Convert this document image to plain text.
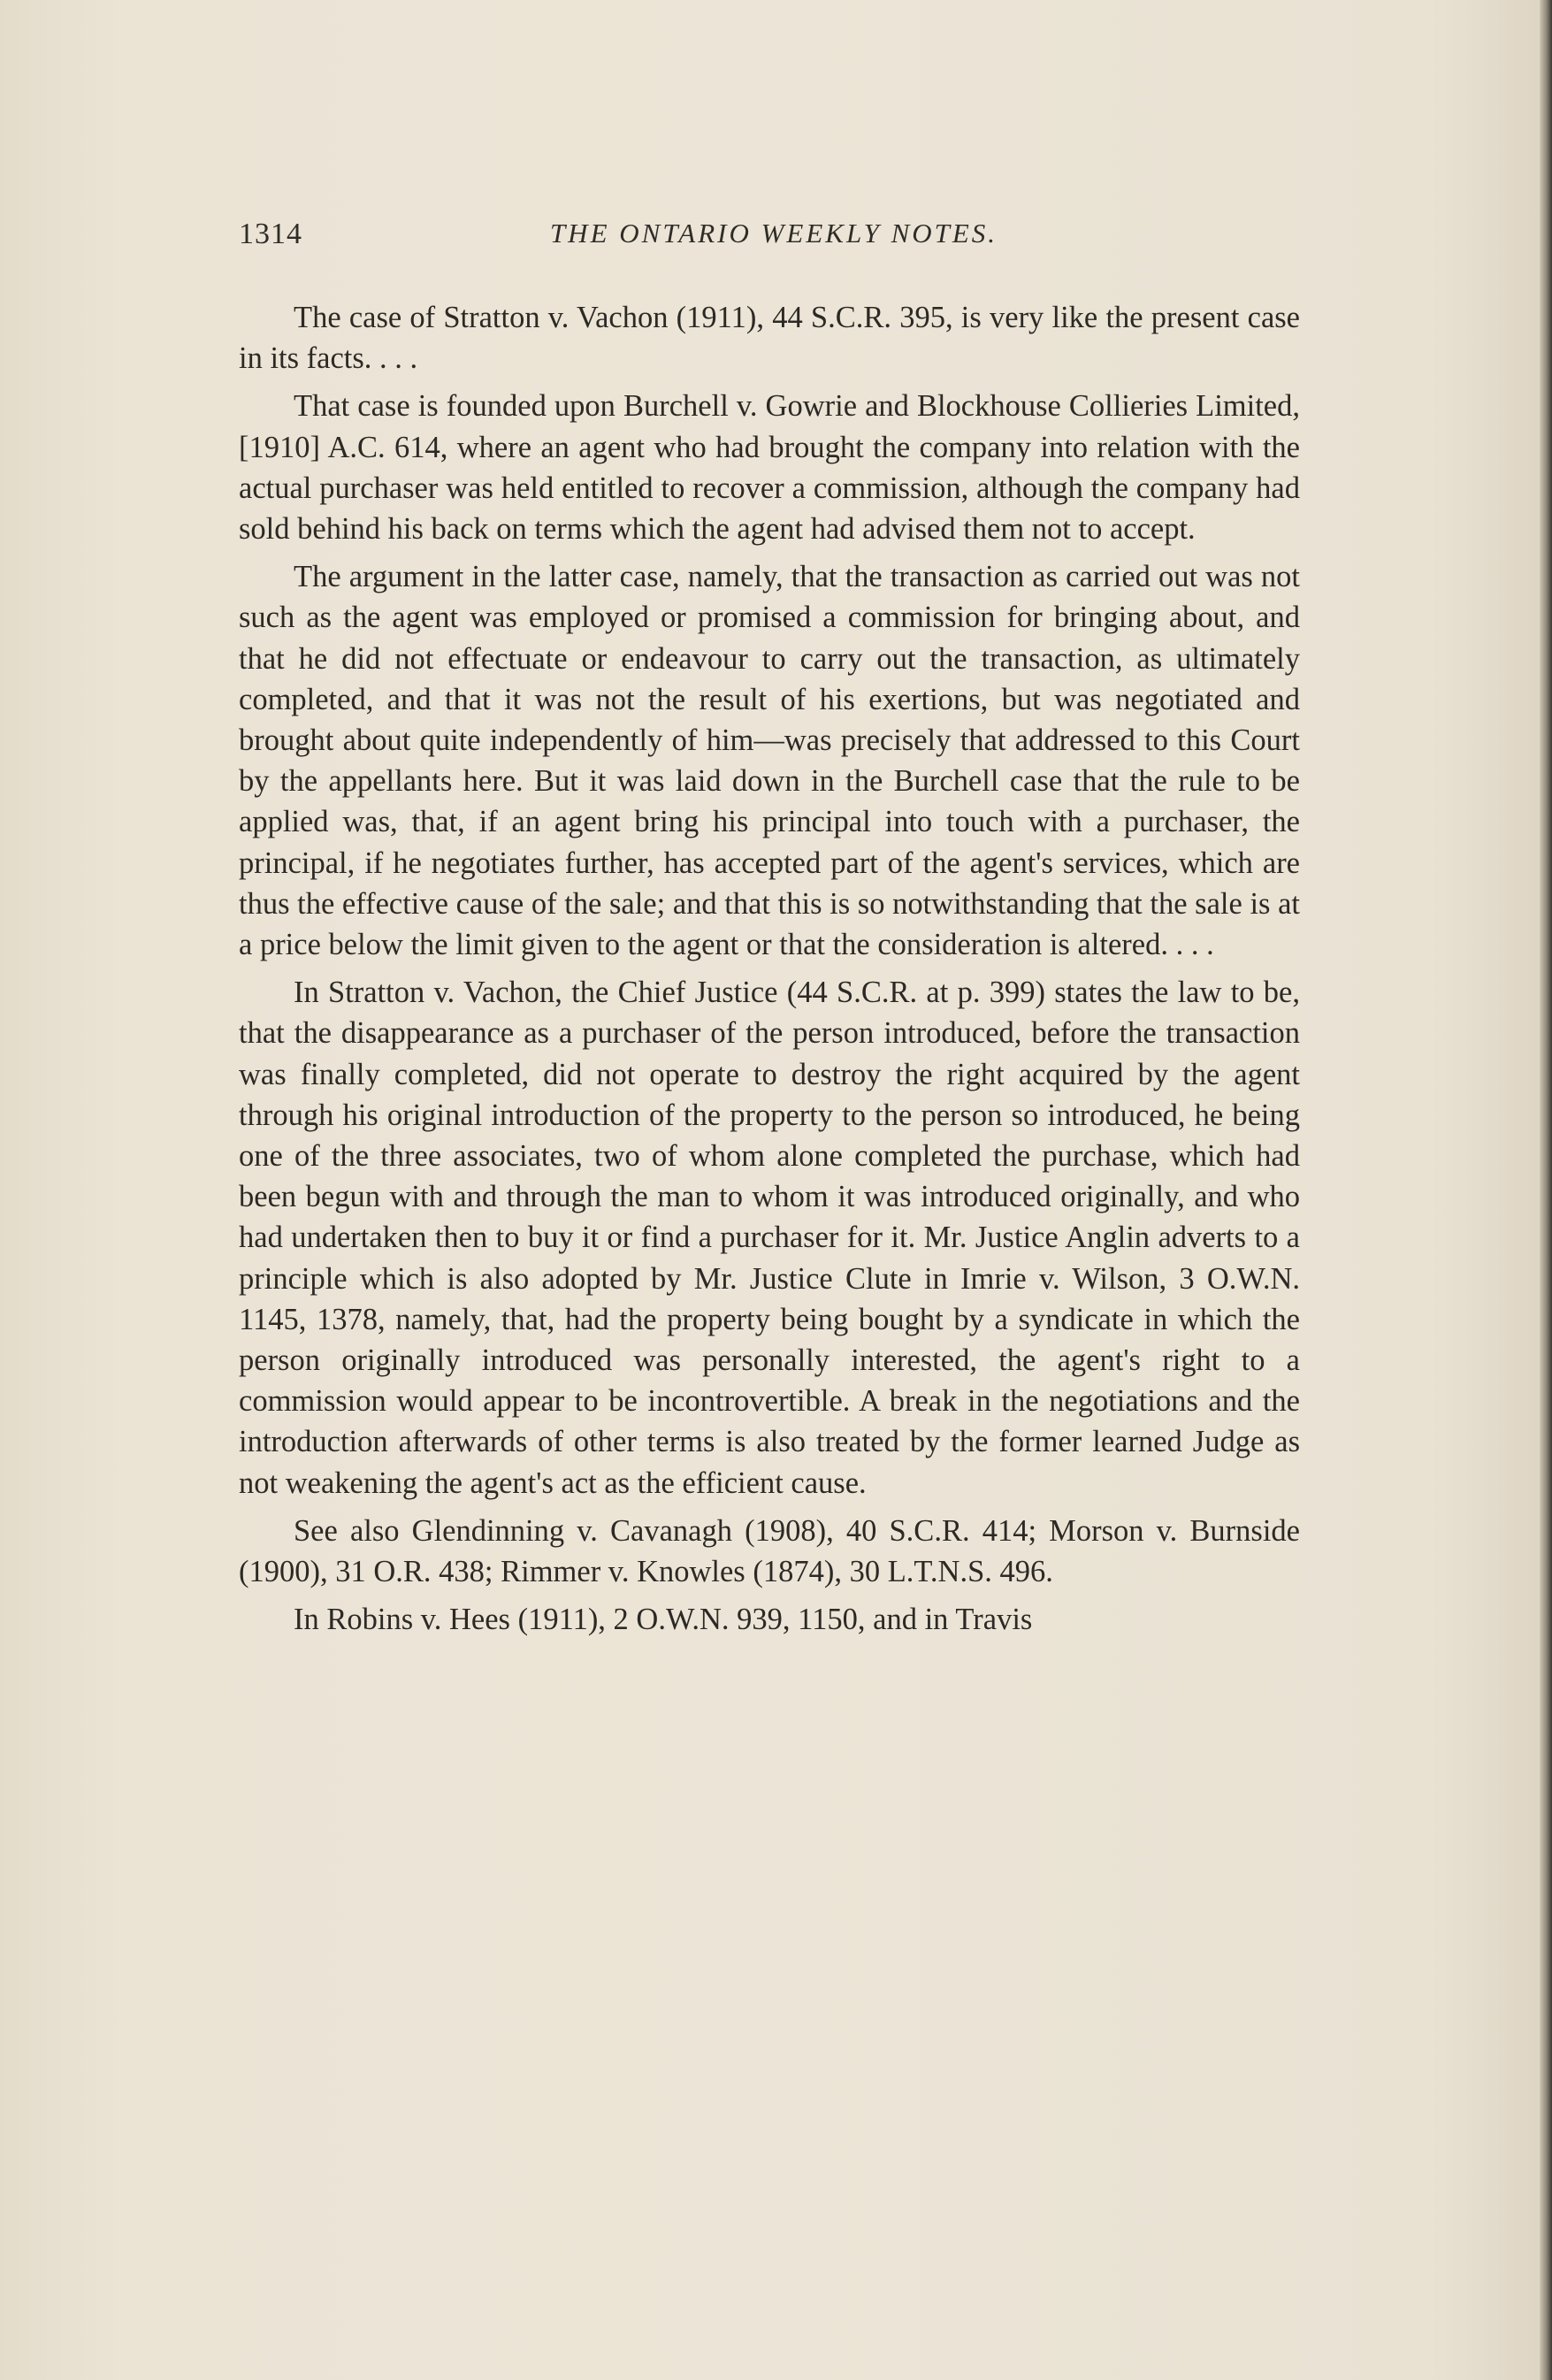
1314	THE ONTARIO WEEKLY NOTES.

The case of Stratton v. Vachon (1911), 44 S.C.R. 395, is very like the present case in its facts. . . .

That case is founded upon Burchell v. Gowrie and Blockhouse Collieries Limited, [1910] A.C. 614, where an agent who had brought the company into relation with the actual purchaser was held entitled to recover a commission, although the company had sold behind his back on terms which the agent had advised them not to accept.

The argument in the latter case, namely, that the transaction as carried out was not such as the agent was employed or promised a commission for bringing about, and that he did not effectuate or endeavour to carry out the transaction, as ultimately completed, and that it was not the result of his exertions, but was negotiated and brought about quite independently of him—was precisely that addressed to this Court by the appellants here. But it was laid down in the Burchell case that the rule to be applied was, that, if an agent bring his principal into touch with a purchaser, the principal, if he negotiates further, has accepted part of the agent's services, which are thus the effective cause of the sale; and that this is so notwithstanding that the sale is at a price below the limit given to the agent or that the consideration is altered. . . .

In Stratton v. Vachon, the Chief Justice (44 S.C.R. at p. 399) states the law to be, that the disappearance as a purchaser of the person introduced, before the transaction was finally completed, did not operate to destroy the right acquired by the agent through his original introduction of the property to the person so introduced, he being one of the three associates, two of whom alone completed the purchase, which had been begun with and through the man to whom it was introduced originally, and who had undertaken then to buy it or find a purchaser for it. Mr. Justice Anglin adverts to a principle which is also adopted by Mr. Justice Clute in Imrie v. Wilson, 3 O.W.N. 1145, 1378, namely, that, had the property being bought by a syndicate in which the person originally introduced was personally interested, the agent's right to a commission would appear to be incontrovertible. A break in the negotiations and the introduction afterwards of other terms is also treated by the former learned Judge as not weakening the agent's act as the efficient cause.

See also Glendinning v. Cavanagh (1908), 40 S.C.R. 414; Morson v. Burnside (1900), 31 O.R. 438; Rimmer v. Knowles (1874), 30 L.T.N.S. 496.

In Robins v. Hees (1911), 2 O.W.N. 939, 1150, and in Travis
